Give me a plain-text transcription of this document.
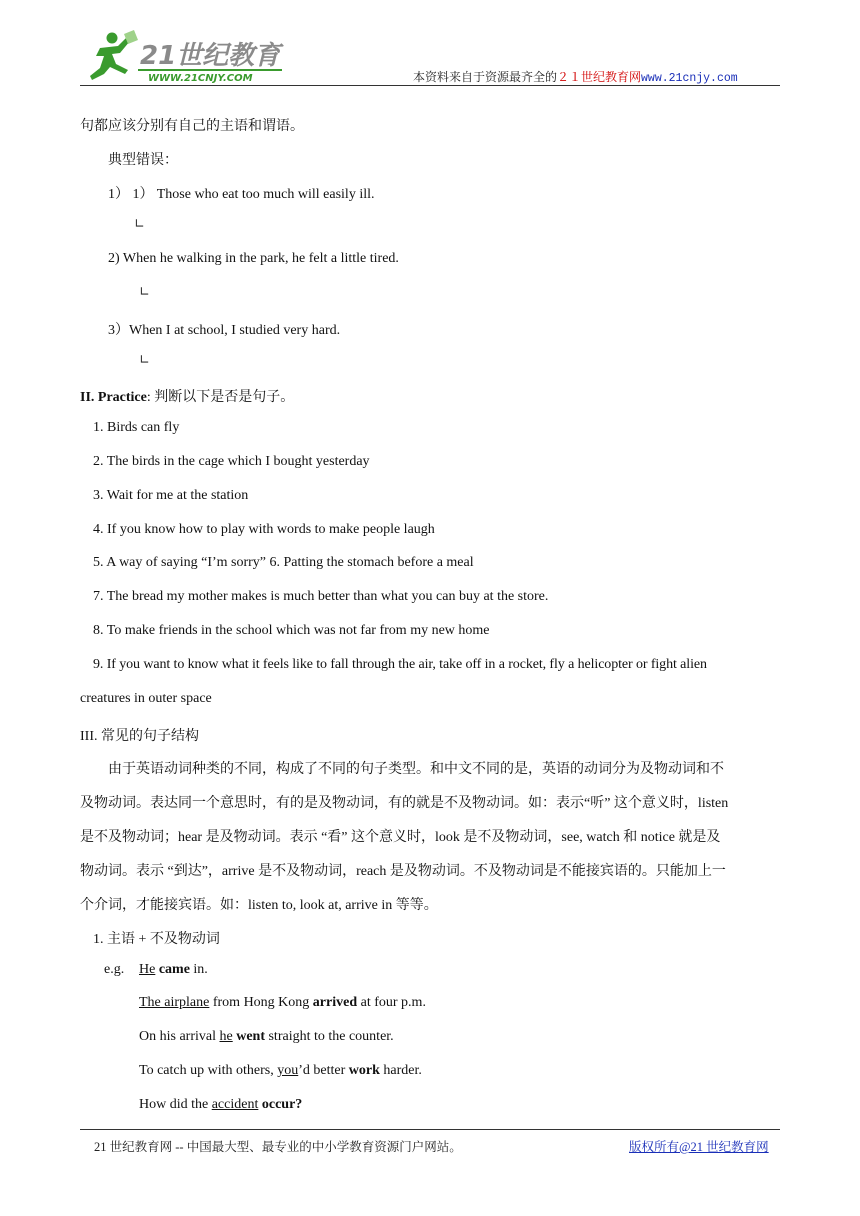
21世纪教育
WWW.21CNJY.COM	本资料来自于资源最齐全的２１世纪教育网www.21cnjy.com
句都应该分别有自己的主语和谓语。
典型错误：
1） 1） Those who eat too much will easily ill.
∟
2) When he walking in the park, he felt a little tired.
∟
3）When I at school, I studied very hard.
∟
II. Practice: 判断以下是否是句子。
1. Birds can fly
2. The birds in the cage which I bought yesterday
3. Wait for me at the station
4. If you know how to play with words to make people laugh
5. A way of saying “I’m sorry” 6. Patting the stomach before a meal
7. The bread my mother makes is much better than what you can buy at the store.
8. To make friends in the school which was not far from my new home
9. If you want to know what it feels like to fall through the air, take off in a rocket, fly a helicopter or fight alien
creatures in outer space
III. 常见的句子结构
由于英语动词种类的不同，构成了不同的句子类型。和中文不同的是，英语的动词分为及物动词和不
及物动词。表达同一个意思时，有的是及物动词，有的就是不及物动词。如：表示“听” 这个意义时，listen
是不及物动词；hear 是及物动词。表示 “看” 这个意义时，look 是不及物动词，see, watch 和 notice 就是及
物动词。表示 “到达”，arrive 是不及物动词，reach 是及物动词。不及物动词是不能接宾语的。只能加上一
个介词，才能接宾语。如：listen to, look at, arrive in 等等。
1. 主语 + 不及物动词
e.g. He came in.
The airplane from Hong Kong arrived at four p.m.
On his arrival he went straight to the counter.
To catch up with others, you’d better work harder.
How did the accident occur?
21 世纪教育网 -- 中国最大型、最专业的中小学教育资源门户网站。	版权所有@21 世纪教育网
